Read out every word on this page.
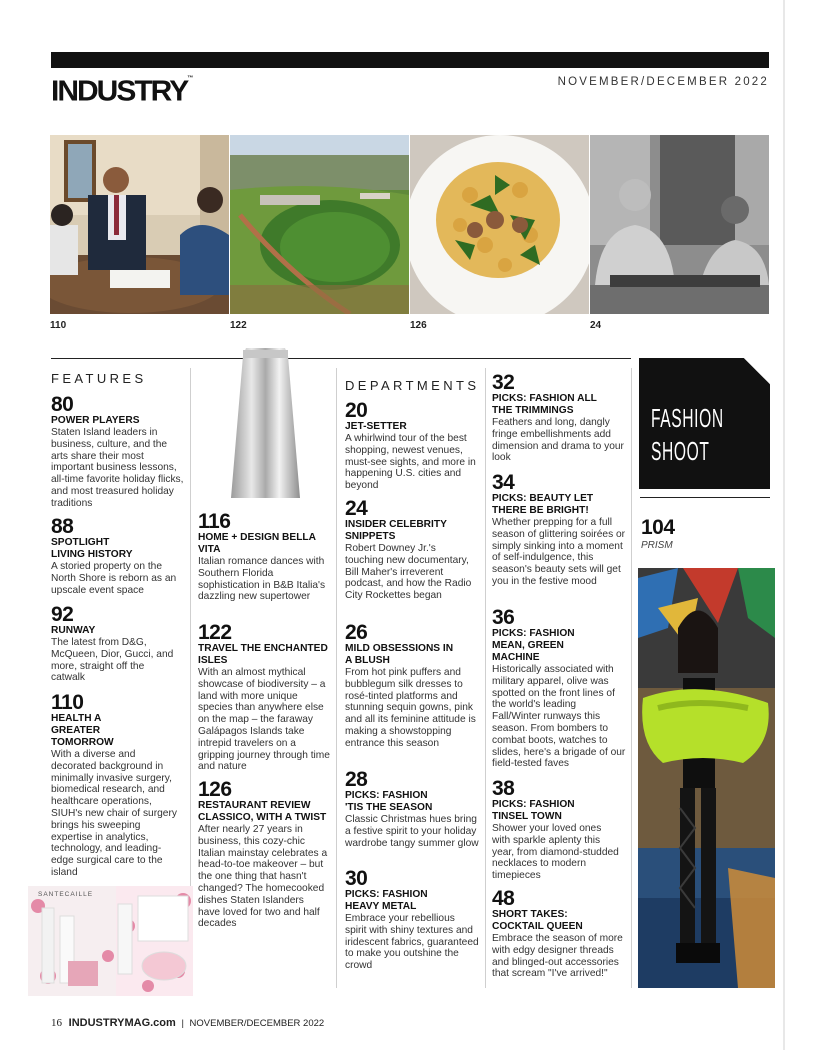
INDUSTRY™	NOVEMBER/DECEMBER 2022
110	122	126	24
FEATURES
80
POWER PLAYERS
Staten Island leaders in business, culture, and the arts share their most important business lessons, all-time favorite holiday flicks, and most treasured holiday traditions
88
SPOTLIGHT LIVING HISTORY
A storied property on the North Shore is reborn as an upscale event space
92
RUNWAY
The latest from D&G, McQueen, Dior, Gucci, and more, straight off the catwalk
110
HEALTH A GREATER TOMORROW
With a diverse and decorated background in minimally invasive surgery, biomedical research, and healthcare operations, SIUH's new chair of surgery brings his sweeping expertise in analytics, technology, and leading-edge surgical care to the island
SANTECAILLE
116
HOME + DESIGN BELLA VITA
Italian romance dances with Southern Florida sophistication in B&B Italia's dazzling new supertower
122
TRAVEL THE ENCHANTED ISLES
With an almost mythical showcase of biodiversity – a land with more unique species than anywhere else on the map – the faraway Galápagos Islands take intrepid travelers on a gripping journey through time and nature
126
RESTAURANT REVIEW CLASSICO, WITH A TWIST
After nearly 27 years in business, this cozy-chic Italian mainstay celebrates a head-to-toe makeover – but the one thing that hasn't changed? The homecooked dishes Staten Islanders have loved for two and half decades
DEPARTMENTS
20
JET-SETTER
A whirlwind tour of the best shopping, newest venues, must-see sights, and more in happening U.S. cities and beyond
24
INSIDER CELEBRITY SNIPPETS
Robert Downey Jr.'s touching new documentary, Bill Maher's irreverent podcast, and how the Radio City Rockettes began
26
MILD OBSESSIONS IN A BLUSH
From hot pink puffers and bubblegum silk dresses to rosé-tinted platforms and stunning sequin gowns, pink and all its feminine attitude is making a showstopping entrance this season
28
PICKS: FASHION 'TIS THE SEASON
Classic Christmas hues bring a festive spirit to your holiday wardrobe tangy summer glow
30
PICKS: FASHION HEAVY METAL
Embrace your rebellious spirit with shiny textures and iridescent fabrics, guaranteed to make you outshine the crowd
32
PICKS: FASHION ALL THE TRIMMINGS
Feathers and long, dangly fringe embellishments add dimension and drama to your look
34
PICKS: BEAUTY LET THERE BE BRIGHT!
Whether prepping for a full season of glittering soirées or simply sinking into a moment of self-indulgence, this season's beauty sets will get you in the festive mood
36
PICKS: FASHION MEAN, GREEN MACHINE
Historically associated with military apparel, olive was spotted on the front lines of the world's leading Fall/Winter runways this season. From bombers to combat boots, watches to slides, here's a brigade of our field-tested faves
38
PICKS: FASHION TINSEL TOWN
Shower your loved ones with sparkle aplenty this year, from diamond-studded necklaces to modern timepieces
48
SHORT TAKES: COCKTAIL QUEEN
Embrace the season of more with edgy designer threads and blinged-out accessories that scream "I've arrived!"
FASHION
SHOOT
104
PRISM
16 INDUSTRYMAG.com | NOVEMBER/DECEMBER 2022
